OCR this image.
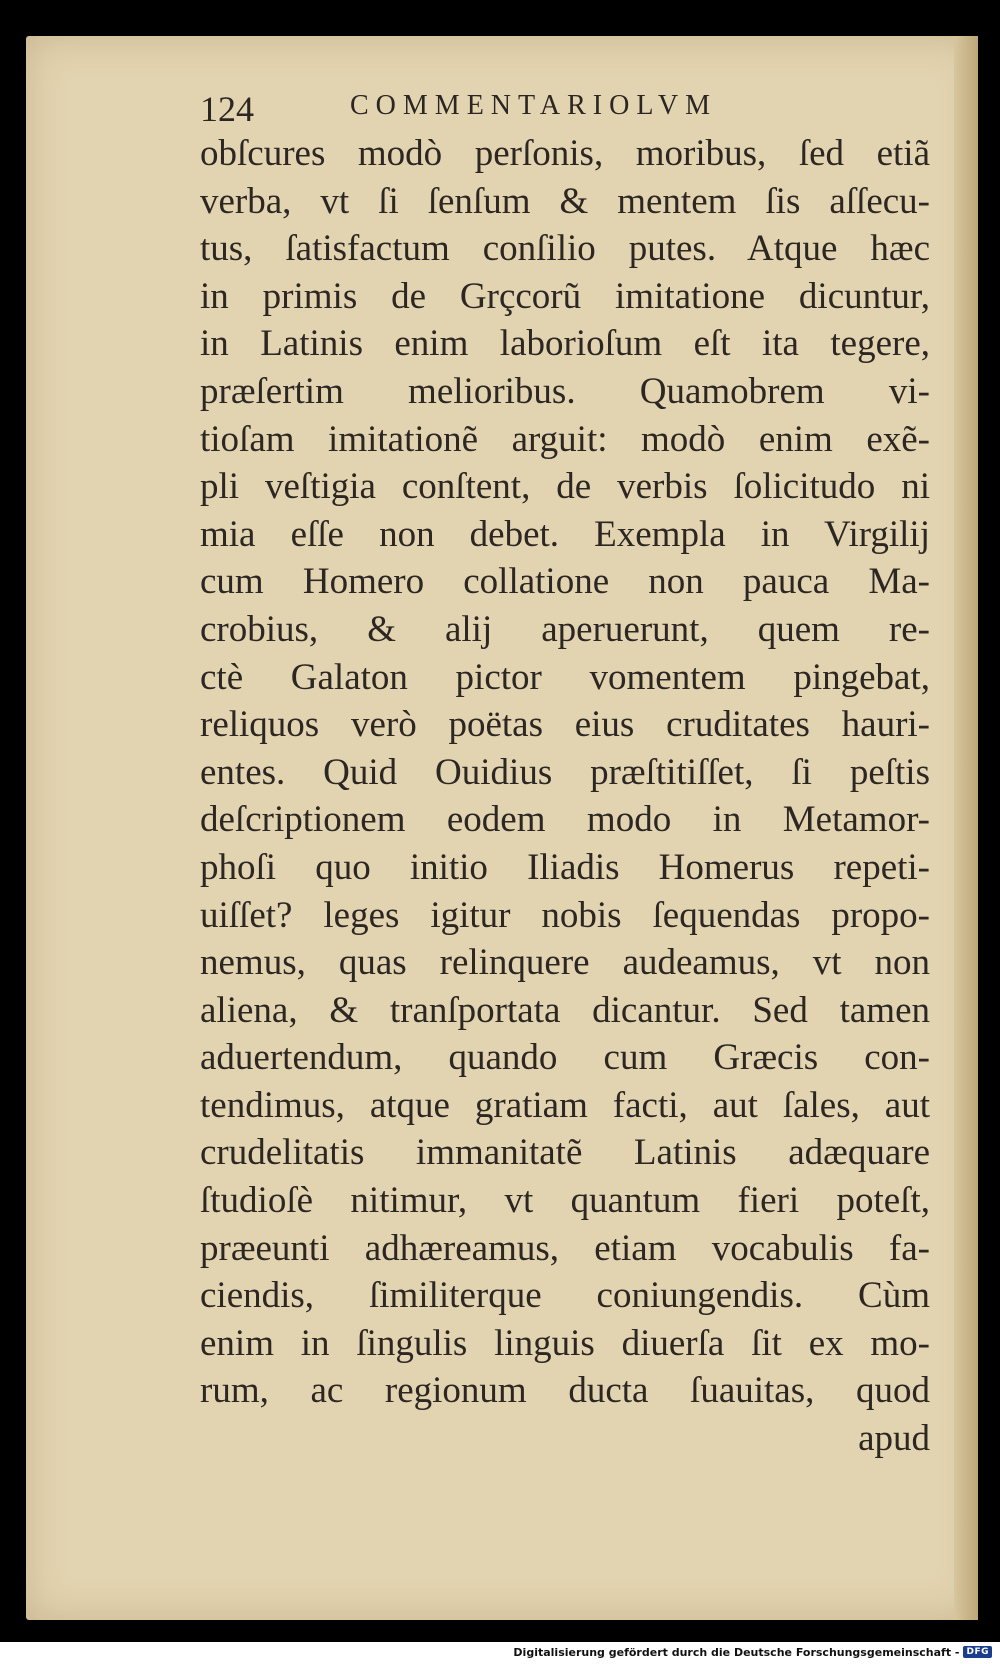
124	COMMENTARIOLVM
obſcures modò perſonis, moribus, ſed etiã
verba, vt ſi ſenſum & mentem ſis aſſecu-
tus, ſatisfactum conſilio putes. Atque hæc
in primis de Grçcorũ imitatione dicuntur,
in Latinis enim laborioſum eſt ita tegere,
præſertim melioribus. Quamobrem vi-
tioſam imitationẽ arguit: modò enim exẽ-
pli veſtigia conſtent, de verbis ſolicitudo ni
mia eſſe non debet. Exempla in Virgilij
cum Homero collatione non pauca Ma-
crobius, & alij aperuerunt, quem re-
ctè Galaton pictor vomentem pingebat,
reliquos verò poëtas eius cruditates hauri-
entes. Quid Ouidius præſtitiſſet, ſi peſtis
deſcriptionem eodem modo in Metamor-
phoſi quo initio Iliadis Homerus repeti-
uiſſet? leges igitur nobis ſequendas propo-
nemus, quas relinquere audeamus, vt non
aliena, & tranſportata dicantur. Sed tamen
aduertendum, quando cum Græcis con-
tendimus, atque gratiam facti, aut ſales, aut
crudelitatis immanitatẽ Latinis adæquare
ſtudioſè nitimur, vt quantum fieri poteſt,
præeunti adhæreamus, etiam vocabulis fa-
ciendis, ſimiliterque coniungendis. Cùm
enim in ſingulis linguis diuerſa ſit ex mo-
rum, ac regionum ducta ſuauitas, quod
apud
Digitalisierung gefördert durch die Deutsche Forschungsgemeinschaft - DFG
